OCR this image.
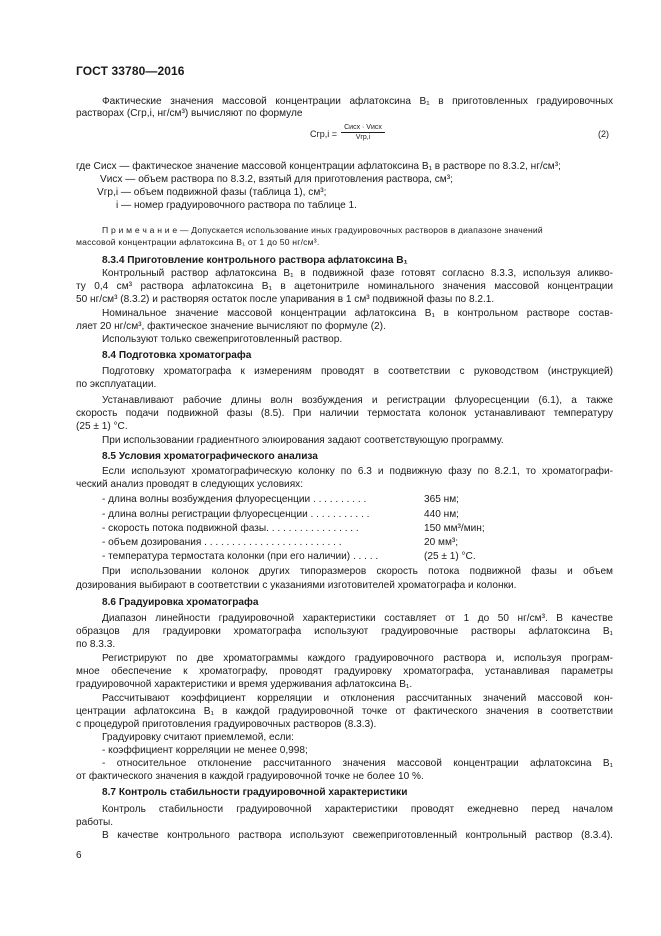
ГОСТ 33780—2016
Фактические значения массовой концентрации афлатоксина B₁ в приготовленных градуировочных
растворах (Cгр,i, нг/см³) вычисляют по формуле
Cгр,i =
Cисх · Vисх
Vгр,i	(2)
где Cисх — фактическое значение массовой концентрации афлатоксина B₁ в растворе по 8.3.2, нг/см³;
Vисх — объем раствора по 8.3.2, взятый для приготовления раствора, см³;
Vгр,i — объем подвижной фазы (таблица 1), см³;
i — номер градуировочного раствора по таблице 1.
П р и м е ч а н и е — Допускается использование иных градуировочных растворов в диапазоне значений
массовой концентрации афлатоксина B₁ от 1 до 50 нг/см³.
8.3.4 Приготовление контрольного раствора афлатоксина B₁
Контрольный раствор афлатоксина B₁ в подвижной фазе готовят согласно 8.3.3, используя аликво-
ту 0,4 см³ раствора афлатоксина B₁ в ацетонитриле номинального значения массовой концентрации
50 нг/см³ (8.3.2) и растворяя остаток после упаривания в 1 см³ подвижной фазы по 8.2.1.
Номинальное значение массовой концентрации афлатоксина B₁ в контрольном растворе состав-
ляет 20 нг/см³, фактическое значение вычисляют по формуле (2).
Используют только свежеприготовленный раствор.
8.4 Подготовка хроматографа
Подготовку хроматографа к измерениям проводят в соответствии с руководством (инструкцией)
по эксплуатации.
Устанавливают рабочие длины волн возбуждения и регистрации флуоресценции (6.1), а также
скорость подачи подвижной фазы (8.5). При наличии термостата колонок устанавливают температуру
(25 ± 1) °С.
При использовании градиентного элюирования задают соответствующую программу.
8.5 Условия хроматографического анализа
Если используют хроматографическую колонку по 6.3 и подвижную фазу по 8.2.1, то хроматографи-
ческий анализ проводят в следующих условиях:
- длина волны возбуждения флуоресценции . . . . . . . . . .	365 нм;
- длина волны регистрации флуоресценции . . . . . . . . . . .	440 нм;
- скорость потока подвижной фазы. . . . . . . . . . . . . . . . .	150 мм³/мин;
- объем дозирования . . . . . . . . . . . . . . . . . . . . . . . . .	20 мм³;
- температура термостата колонки (при его наличии) . . . . .	(25 ± 1) °С.
При использовании колонок других типоразмеров скорость потока подвижной фазы и объем
дозирования выбирают в соответствии с указаниями изготовителей хроматографа и колонки.
8.6 Градуировка хроматографа
Диапазон линейности градуировочной характеристики составляет от 1 до 50 нг/см³. В качестве
образцов для градуировки хроматографа используют градуировочные растворы афлатоксина B₁
по 8.3.3.
Регистрируют по две хроматограммы каждого градуировочного раствора и, используя програм-
мное обеспечение к хроматографу, проводят градуировку хроматографа, устанавливая параметры
градуировочной характеристики и время удерживания афлатоксина B₁.
Рассчитывают коэффициент корреляции и отклонения рассчитанных значений массовой кон-
центрации афлатоксина B₁ в каждой градуировочной точке от фактического значения в соответствии
с процедурой приготовления градуировочных растворов (8.3.3).
Градуировку считают приемлемой, если:
- коэффициент корреляции не менее 0,998;
- относительное отклонение рассчитанного значения массовой концентрации афлатоксина B₁
от фактического значения в каждой градуировочной точке не более 10 %.
8.7 Контроль стабильности градуировочной характеристики
Контроль стабильности градуировочной характеристики проводят ежедневно перед началом
работы.
В качестве контрольного раствора используют свежеприготовленный контрольный раствор (8.3.4).
6
